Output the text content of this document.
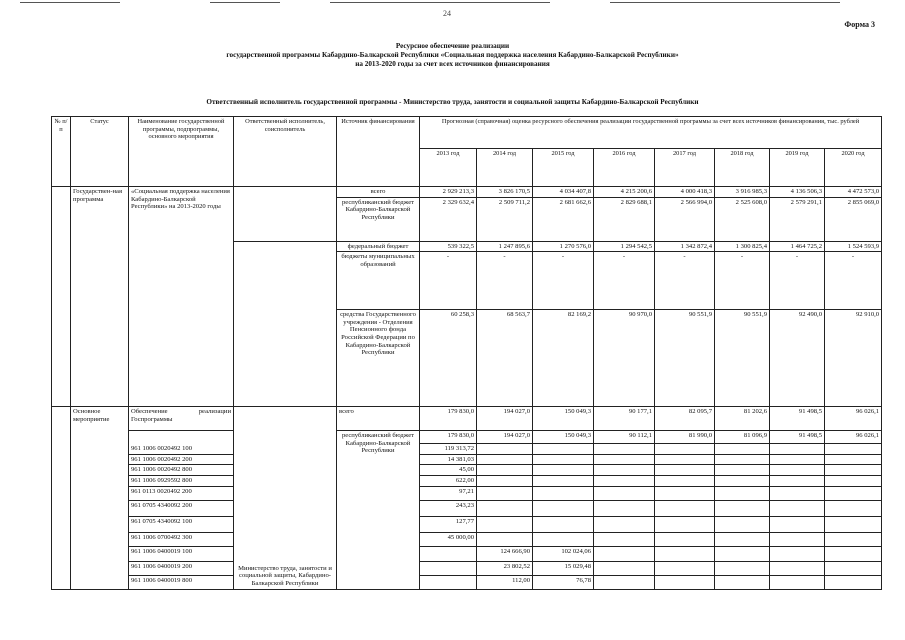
24
Форма 3
Ресурсное обеспечение реализации
государственной программы Кабардино-Балкарской Республики «Социальная поддержка населения Кабардино-Балкарской Республики»
на 2013-2020 годы за счет всех источников финансирования
Ответственный исполнитель государственной программы - Министерство труда, занятости и социальной защиты Кабардино-Балкарской Республики
№ п/п	Статус	Наименование государственной программы, подпрограммы, основного мероприятия	Ответственный исполнитель, соисполнитель	Источник финансирования	Прогнозная (справочная) оценка ресурсного обеспечения реализации государственной программы за счет всех источников финансирования, тыс. рублей							
					2013 год	2014 год	2015 год	2016 год	2017 год	2018 год	2019 год	2020 год
	Государствен-ная программа	«Социальная поддержка населения Кабардино-Балкарской Республики» на 2013-2020 годы		всего	2 929 213,3	3 826 170,5	4 034 407,8	4 215 200,6	4 000 418,3	3 916 985,3	4 136 506,3	4 472 573,0
				республиканский бюджет Кабардино-Балкарской Республики	2 329 632,4	2 509 711,2	2 681 662,6	2 829 688,1	2 566 994,0	2 525 608,0	2 579 291,1	2 855 069,0
				федеральный бюджет	539 322,5	1 247 895,6	1 270 576,0	1 294 542,5	1 342 872,4	1 300 825,4	1 464 725,2	1 524 593,9
				бюджеты муниципальных образований	-	-	-	-	-	-	-	-
				средства Государственного учреждения - Отделения Пенсионного фонда Российской Федерации по Кабардино-Балкарской Республики	60 258,3	68 563,7	82 169,2	90 970,0	90 551,9	90 551,9	92 490,0	92 910,0
	Основное мероприятие	Обеспечение реализации Госпрограммы		всего	179 830,0	194 027,0	150 049,3	90 177,1	82 095,7	81 202,6	91 498,5	96 026,1
				республиканский бюджет Кабардино-Балкарской Республики	179 830,0	194 027,0	150 049,3	90 112,1	81 990,0	81 096,9	91 498,5	96 026,1
		961 1006 0020492 100			119 313,72							
		961 1006 0020492 200			14 381,03							
		961 1006 0020492 800			45,00							
		961 1006 0929592 800			622,00							
		961 0113 0020492 200			97,21							
		961 0705 4340092 200			243,23							
		961 0705 4340092 100			127,77							
		961 1006 0700492 300			45 000,00							
		961 1006 0400019 100	Министерство труда, занятости и социальной защиты, Кабардино-Балкарской Республики			124 666,90	102 024,06					
		961 1006 0400019 200				23 802,52	15 029,48					
		961 1006 0400019 800				112,00	76,78					
